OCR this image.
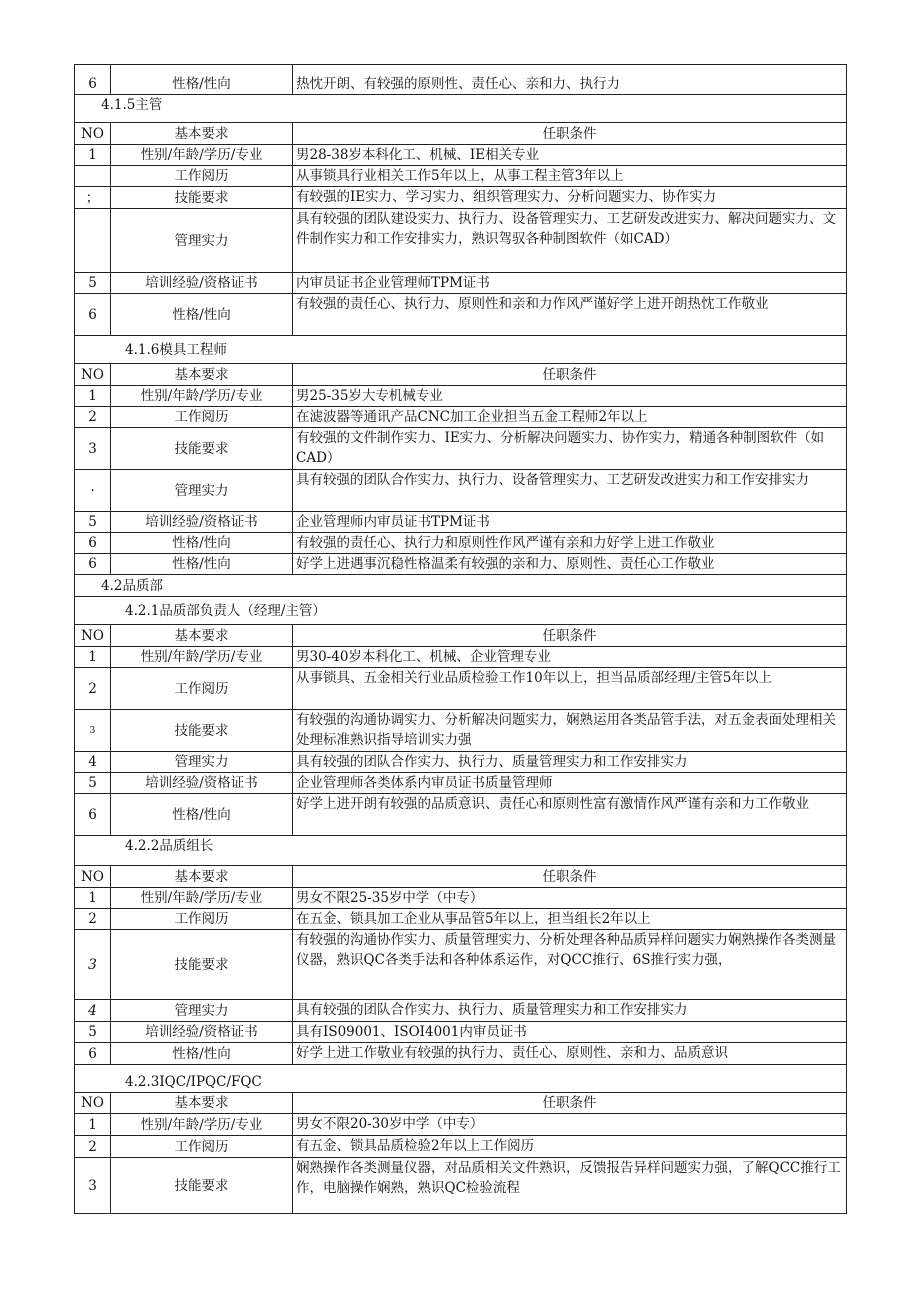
6	性格/性向	热忱开朗、有较强的原则性、责任心、亲和力、执行力
4.1.5主管		
NO	基本要求	任职条件
1	性别/年龄/学历/专业	男28-38岁本科化工、机械、IE相关专业
	工作阅历	从事锁具行业相关工作5年以上，从事工程主管3年以上
；	技能要求	有较强的IE实力、学习实力、组织管理实力、分析问题实力、协作实力
	管理实力	具有较强的团队建设实力、执行力、设备管理实力、工艺研发改进实力、解决问题实力、文件制作实力和工作安排实力，熟识驾驭各种制图软件（如CAD）
5	培训经验/资格证书	内审员证书企业管理师TPM证书
6	性格/性向	有较强的责任心、执行力、原则性和亲和力作风严谨好学上进开朗热忱工作敬业
4.1.6模具工程师		
NO	基本要求	任职条件
1	性别/年龄/学历/专业	男25-35岁大专机械专业
2	工作阅历	在滤波器等通讯产品CNC加工企业担当五金工程师2年以上
3	技能要求	有较强的文件制作实力、IE实力、分析解决问题实力、协作实力，精通各种制图软件（如CAD）
·	管理实力	具有较强的团队合作实力、执行力、设备管理实力、工艺研发改进实力和工作安排实力
5	培训经验/资格证书	企业管理师内审员证书TPM证书
6	性格/性向	有较强的责任心、执行力和原则性作风严谨有亲和力好学上进工作敬业
6	性格/性向	好学上进遇事沉稳性格温柔有较强的亲和力、原则性、责任心工作敬业
4.2品质部		
4.2.1品质部负责人（经理/主管）		
NO	基本要求	任职条件
1	性别/年龄/学历/专业	男30-40岁本科化工、机械、企业管理专业
2	工作阅历	从事锁具、五金相关行业品质检验工作10年以上，担当品质部经理/主管5年以上
3	技能要求	有较强的沟通协调实力、分析解决问题实力，娴熟运用各类品管手法，对五金表面处理相关处理标准熟识指导培训实力强
4	管理实力	具有较强的团队合作实力、执行力、质量管理实力和工作安排实力
5	培训经验/资格证书	企业管理师各类体系内审员证书质量管理师
6	性格/性向	好学上进开朗有较强的品质意识、责任心和原则性富有激情作风严谨有亲和力工作敬业
4.2.2品质组长		
NO	基本要求	任职条件
1	性别/年龄/学历/专业	男女不限25-35岁中学（中专）
2	工作阅历	在五金、锁具加工企业从事品管5年以上，担当组长2年以上
3	技能要求	有较强的沟通协作实力、质量管理实力、分析处理各种品质异样问题实力娴熟操作各类测量仪器，熟识QC各类手法和各种体系运作，对QCC推行、6S推行实力强，
4	管理实力	具有较强的团队合作实力、执行力、质量管理实力和工作安排实力
5	培训经验/资格证书	具有IS09001、ISOI4001内审员证书
6	性格/性向	好学上进工作敬业有较强的执行力、责任心、原则性、亲和力、品质意识
4.2.3IQC/IPQC/FQC		
NO	基本要求	任职条件
1	性别/年龄/学历/专业	男女不限20-30岁中学（中专）
2	工作阅历	有五金、锁具品质检验2年以上工作阅历
3	技能要求	娴熟操作各类测量仪器，对品质相关文件熟识，反馈报告异样问题实力强，了解QCC推行工作，电脑操作娴熟，熟识QC检验流程
